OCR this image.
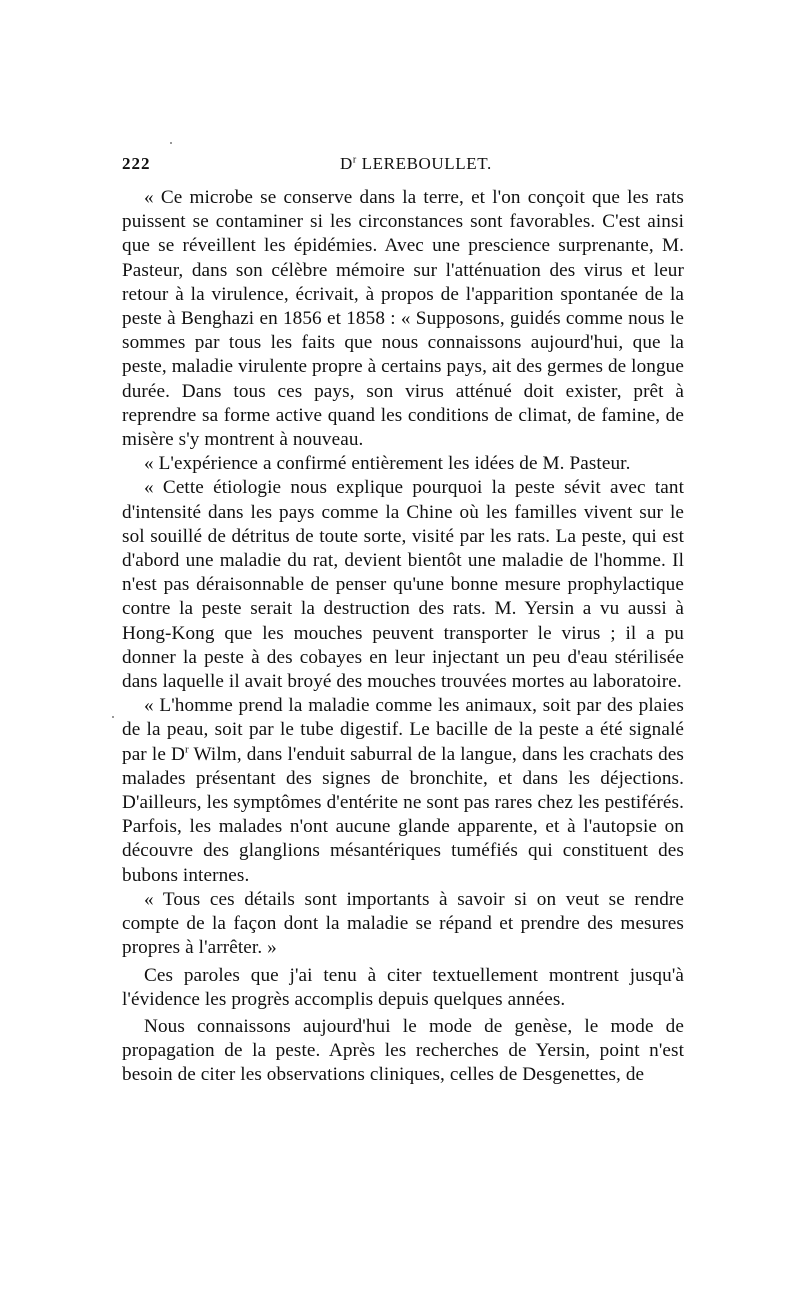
222	$D^r$ LEREBOULLET.

« Ce microbe se conserve dans la terre, et l'on conçoit que les rats puissent se contaminer si les circonstances sont favorables. C'est ainsi que se réveillent les épidémies. Avec une prescience surprenante, M. Pasteur, dans son célèbre mémoire sur l'atténuation des virus et leur retour à la virulence, écrivait, à propos de l'apparition spontanée de la peste à Benghazi en 1856 et 1858 : « Supposons, guidés comme nous le sommes par tous les faits que nous connaissons aujourd'hui, que la peste, maladie virulente propre à certains pays, ait des germes de longue durée. Dans tous ces pays, son virus atténué doit exister, prêt à reprendre sa forme active quand les conditions de climat, de famine, de misère s'y montrent à nouveau.

« L'expérience a confirmé entièrement les idées de M. Pasteur.

« Cette étiologie nous explique pourquoi la peste sévit avec tant d'intensité dans les pays comme la Chine où les familles vivent sur le sol souillé de détritus de toute sorte, visité par les rats. La peste, qui est d'abord une maladie du rat, devient bientôt une maladie de l'homme. Il n'est pas déraisonnable de penser qu'une bonne mesure prophylactique contre la peste serait la destruction des rats. M. Yersin a vu aussi à Hong-Kong que les mouches peuvent transporter le virus ; il a pu donner la peste à des cobayes en leur injectant un peu d'eau stérilisée dans laquelle il avait broyé des mouches trouvées mortes au laboratoire.

« L'homme prend la maladie comme les animaux, soit par des plaies de la peau, soit par le tube digestif. Le bacille de la peste a été signalé par le $D^r$ Wilm, dans l'enduit saburral de la langue, dans les crachats des malades présentant des signes de bronchite, et dans les déjections. D'ailleurs, les symptômes d'entérite ne sont pas rares chez les pestiférés. Parfois, les malades n'ont aucune glande apparente, et à l'autopsie on découvre des glanglions mésantériques tuméfiés qui constituent des bubons internes.

« Tous ces détails sont importants à savoir si on veut se rendre compte de la façon dont la maladie se répand et prendre des mesures propres à l'arrêter. »

Ces paroles que j'ai tenu à citer textuellement montrent jusqu'à l'évidence les progrès accomplis depuis quelques années.

Nous connaissons aujourd'hui le mode de genèse, le mode de propagation de la peste. Après les recherches de Yersin, point n'est besoin de citer les observations cliniques, celles de Desgenettes, de
